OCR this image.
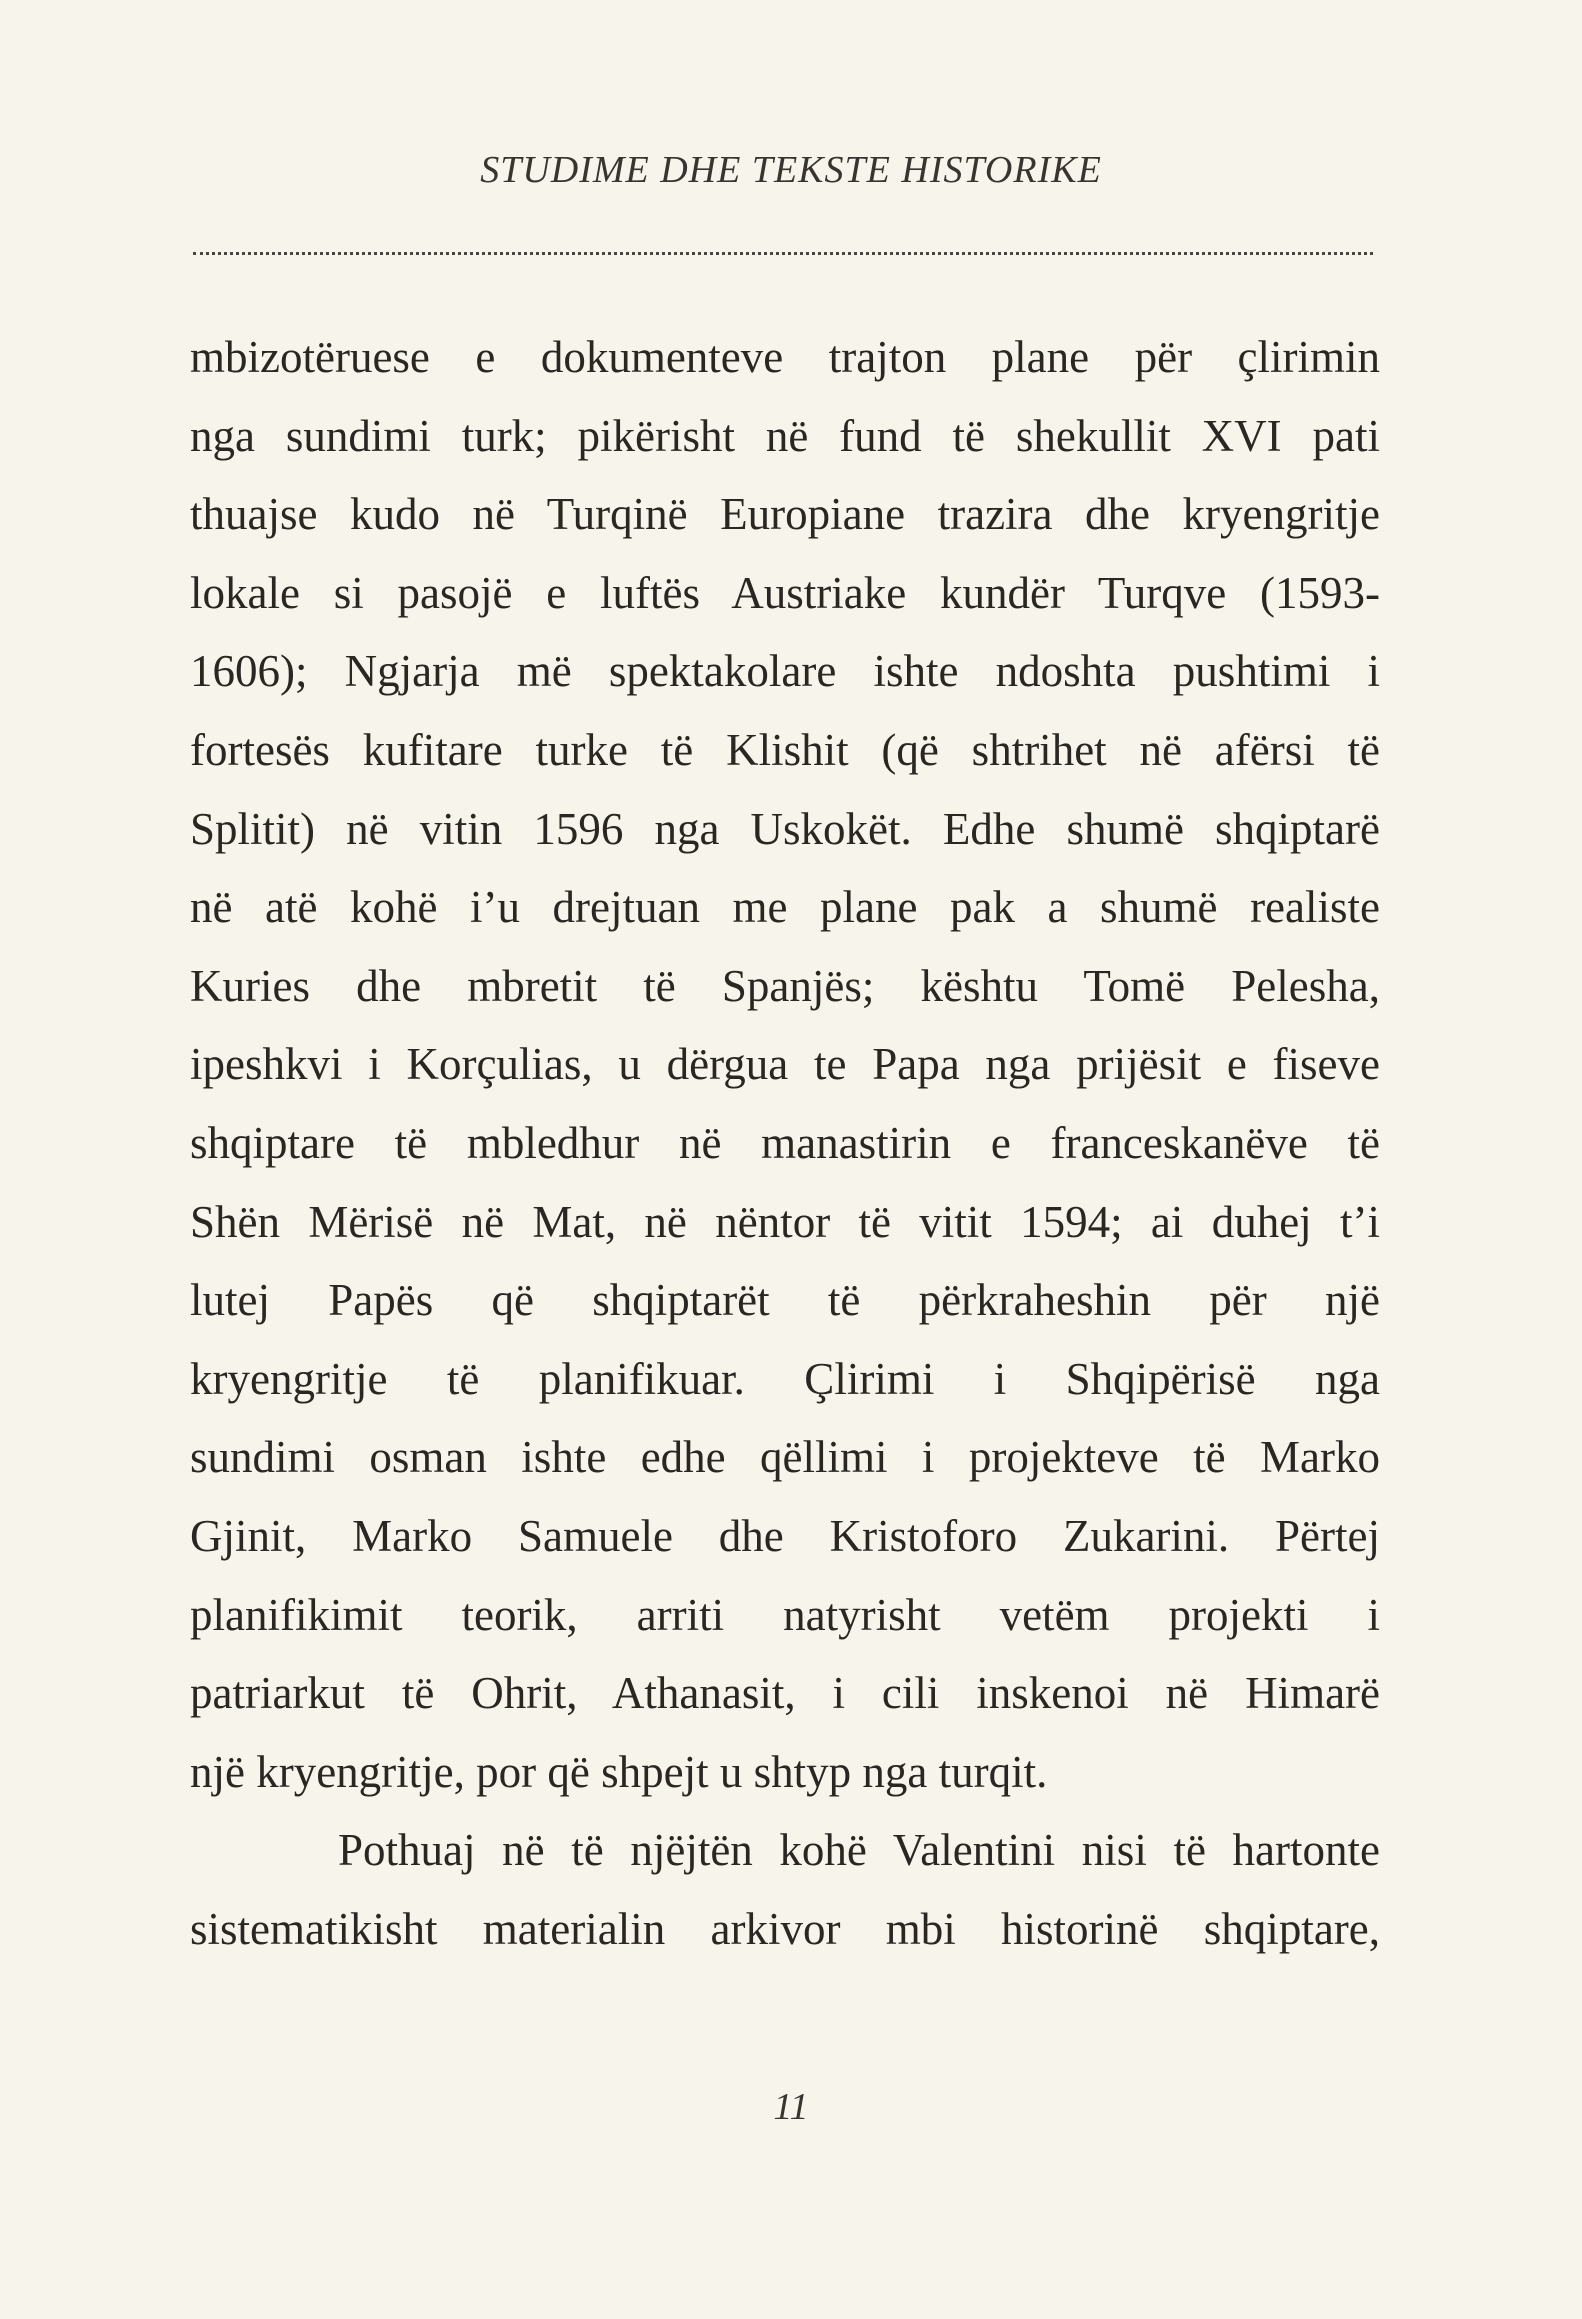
STUDIME DHE TEKSTE HISTORIKE
mbizotëruese e dokumenteve trajton plane për çlirimin
nga sundimi turk; pikërisht në fund të shekullit XVI pati
thuajse kudo në Turqinë Europiane trazira dhe kryengritje
lokale si pasojë e luftës Austriake kundër Turqve (1593-
1606); Ngjarja më spektakolare ishte ndoshta pushtimi i
fortesës kufitare turke të Klishit (që shtrihet në afërsi të
Splitit) në vitin 1596 nga Uskokët. Edhe shumë shqiptarë
në atë kohë i’u drejtuan me plane pak a shumë realiste
Kuries dhe mbretit të Spanjës; kështu Tomë Pelesha,
ipeshkvi i Korçulias, u dërgua te Papa nga prijësit e fiseve
shqiptare të mbledhur në manastirin e franceskanëve të
Shën Mërisë në Mat, në nëntor të vitit 1594; ai duhej t’i
lutej Papës që shqiptarët të përkraheshin për një
kryengritje të planifikuar. Çlirimi i Shqipërisë nga
sundimi osman ishte edhe qëllimi i projekteve të Marko
Gjinit, Marko Samuele dhe Kristoforo Zukarini. Përtej
planifikimit teorik, arriti natyrisht vetëm projekti i
patriarkut të Ohrit, Athanasit, i cili inskenoi në Himarë
një kryengritje, por që shpejt u shtyp nga turqit.
Pothuaj në të njëjtën kohë Valentini nisi të hartonte
sistematikisht materialin arkivor mbi historinë shqiptare,
11
